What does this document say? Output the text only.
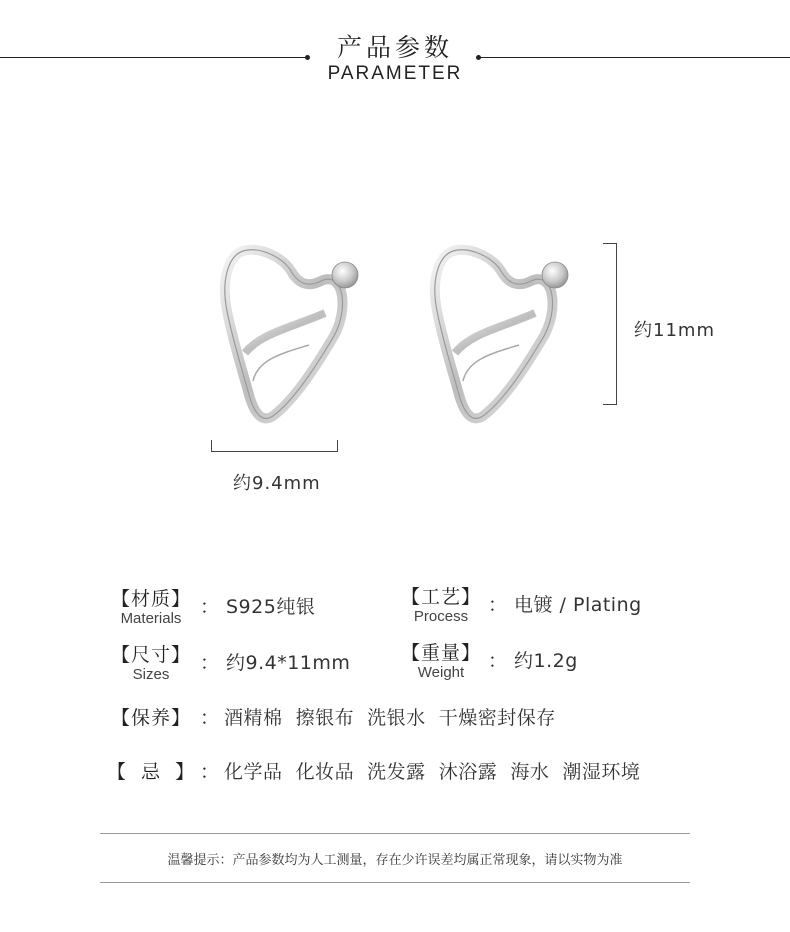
产品参数
PARAMETER
约9.4mm
约11mm
【材质】
Materials
： S925纯银	【工艺】
Process
： 电镀 / Plating
【尺寸】
Sizes
： 约9.4*11mm	【重量】
Weight
： 约1.2g
【保养】 ： 酒精棉  擦银布  洗银水  干燥密封保存
【  忌  】 ： 化学品  化妆品  洗发露  沐浴露  海水  潮湿环境
温馨提示：产品参数均为人工测量，存在少许误差均属正常现象，请以实物为准
